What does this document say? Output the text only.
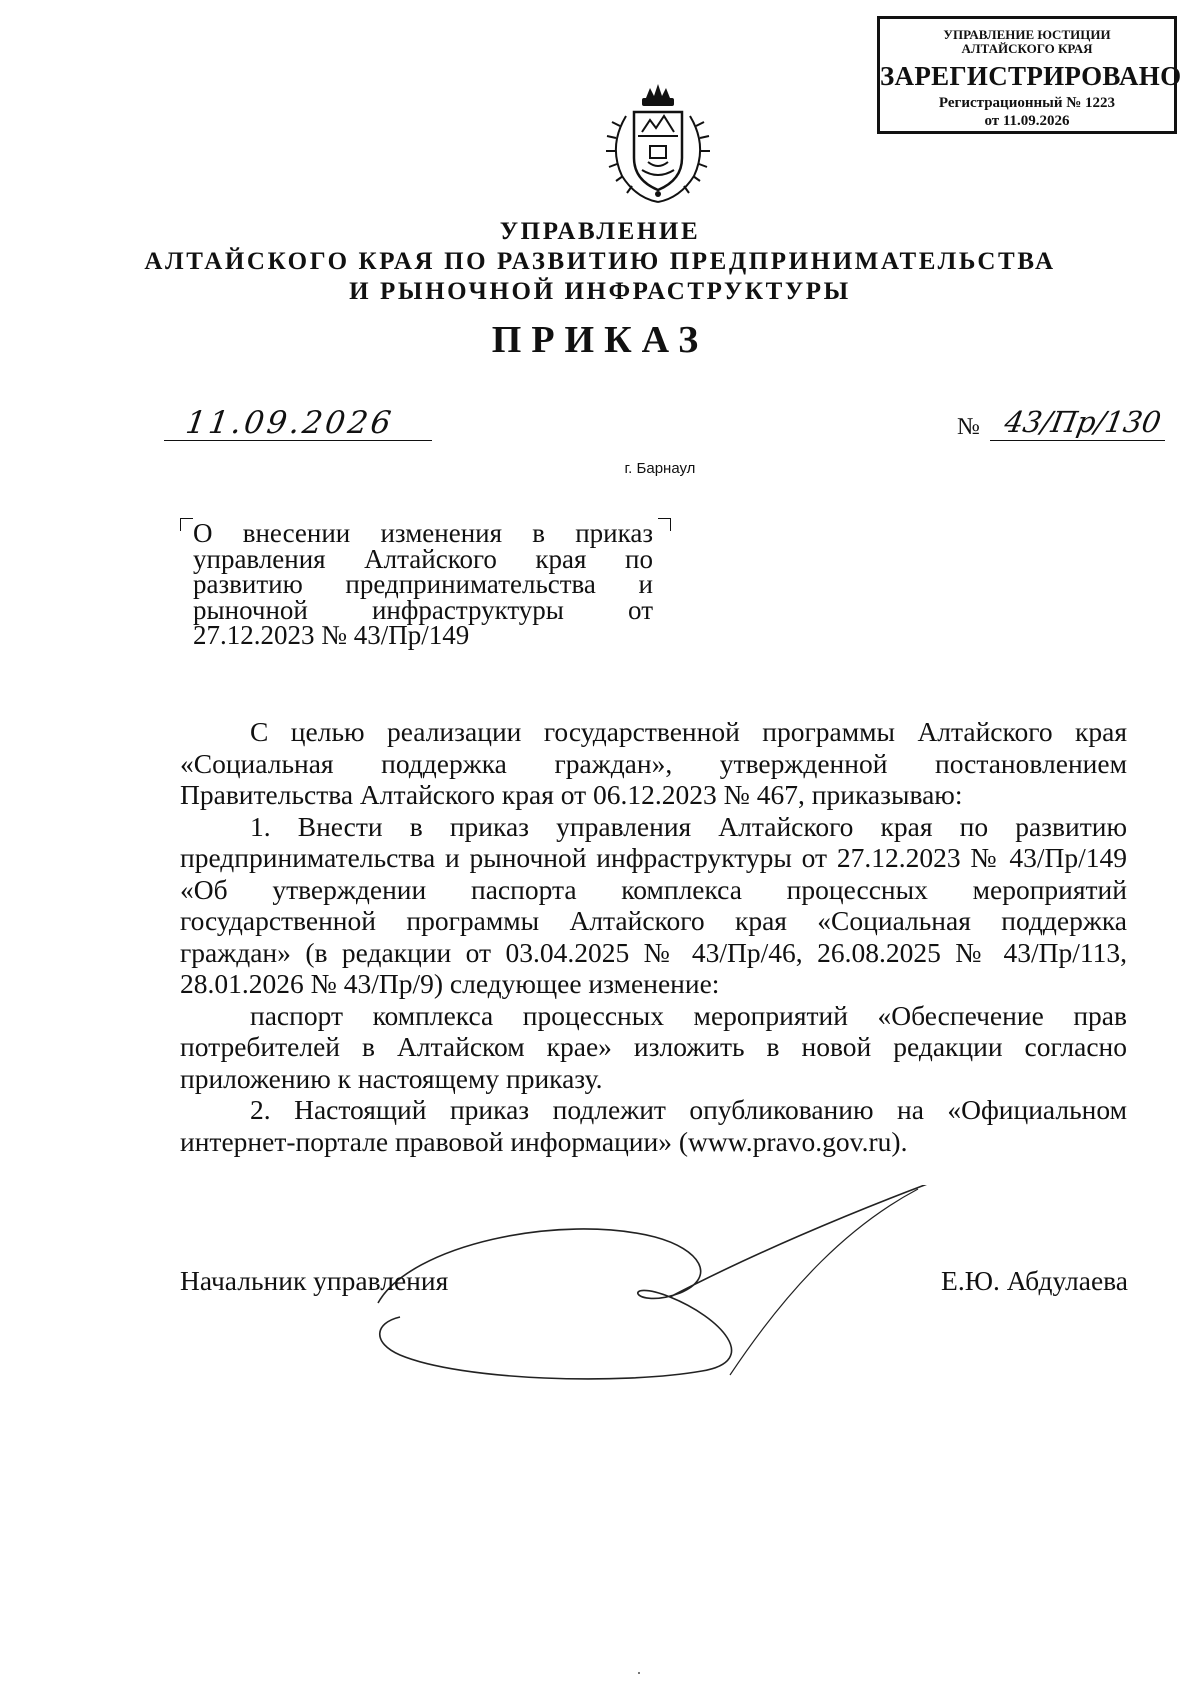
УПРАВЛЕНИЕ ЮСТИЦИИ
АЛТАЙСКОГО КРАЯ
ЗАРЕГИСТРИРОВАНО
Регистрационный № 1223
от 11.09.2026
УПРАВЛЕНИЕ
АЛТАЙСКОГО КРАЯ ПО РАЗВИТИЮ ПРЕДПРИНИМАТЕЛЬСТВА
И РЫНОЧНОЙ ИНФРАСТРУКТУРЫ
ПРИКАЗ
11.09.2026	№ 43/Пр/130
г. Барнаул
О внесении изменения в приказ управления Алтайского края по развитию предпринимательства и рыночной инфраструктуры от 27.12.2023 № 43/Пр/149

С целью реализации государственной программы Алтайского края «Социальная поддержка граждан», утвержденной постановлением Правительства Алтайского края от 06.12.2023 № 467, приказываю:

1. Внести в приказ управления Алтайского края по развитию предпринимательства и рыночной инфраструктуры от 27.12.2023 № 43/Пр/149 «Об утверждении паспорта комплекса процессных мероприятий государственной программы Алтайского края «Социальная поддержка граждан» (в редакции от 03.04.2025 № 43/Пр/46, 26.08.2025 № 43/Пр/113, 28.01.2026 № 43/Пр/9) следующее изменение:

паспорт комплекса процессных мероприятий «Обеспечение прав потребителей в Алтайском крае» изложить в новой редакции согласно приложению к настоящему приказу.

2. Настоящий приказ подлежит опубликованию на «Официальном интернет-портале правовой информации» (www.pravo.gov.ru).

Начальник управления	Е.Ю. Абдулаева
